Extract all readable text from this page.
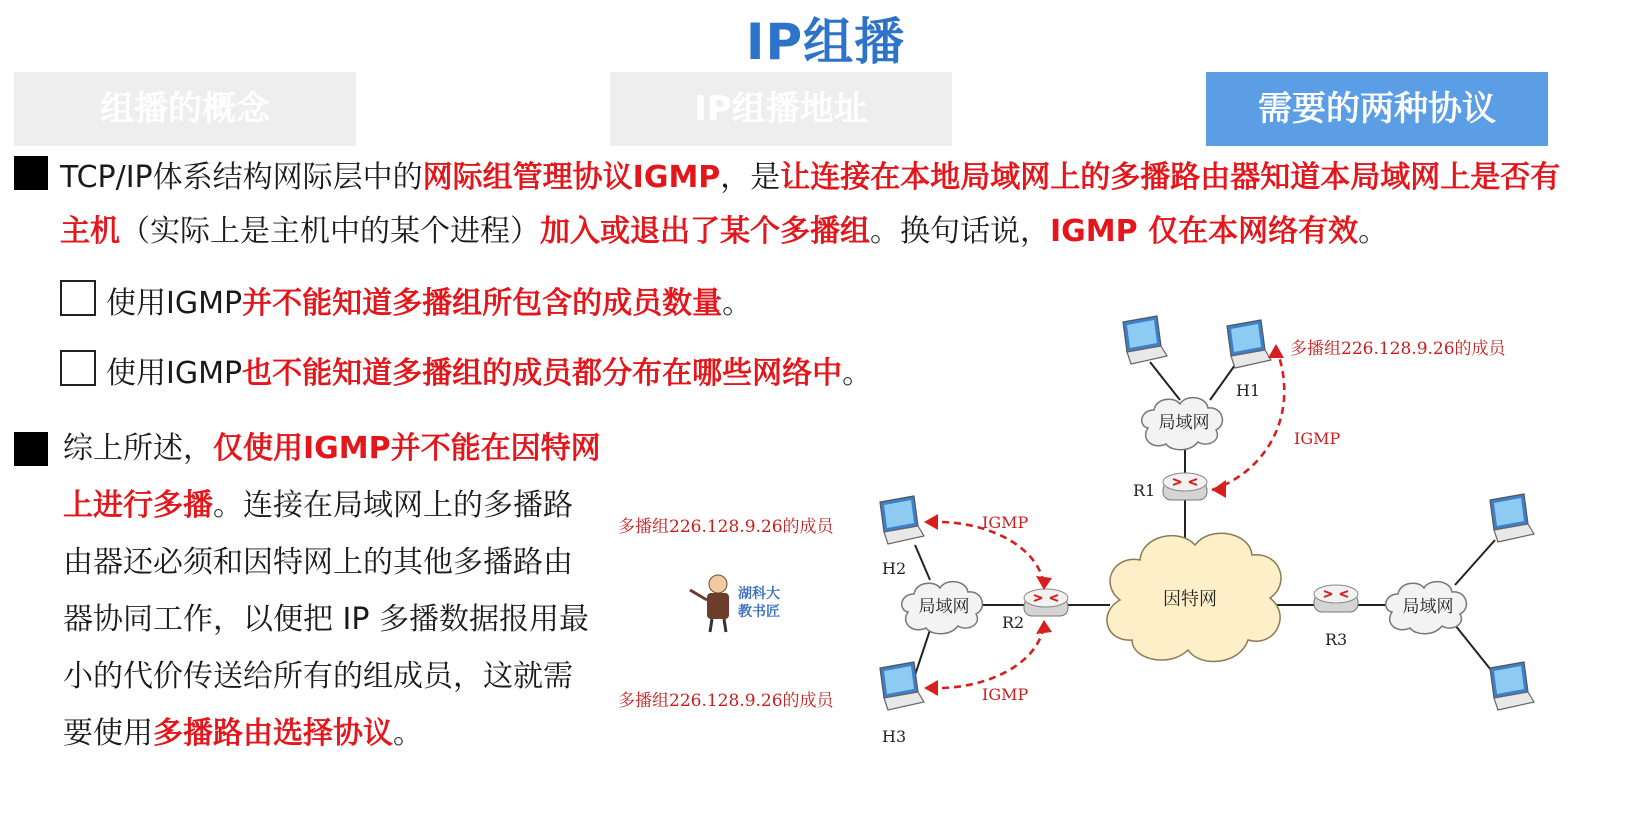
IP组播
组播的概念	IP组播地址	需要的两种协议
TCP/IP体系结构网际层中的网际组管理协议IGMP，是让连接在本地局域网上的多播路由器知道本局域网上是否有
主机（实际上是主机中的某个进程）加入或退出了某个多播组。换句话说，IGMP 仅在本网络有效。
使用IGMP并不能知道多播组所包含的成员数量。
使用IGMP也不能知道多播组的成员都分布在哪些网络中。
综上所述，仅使用IGMP并不能在因特网
上进行多播。连接在局域网上的多播路
由器还必须和因特网上的其他多播路由
器协同工作，以便把 IP 多播数据报用最
小的代价传送给所有的组成员，这就需
要使用多播路由选择协议。
因特网
局域网
局域网	局域网
R1
R2
R3
H1
H2
H3
IGMP
IGMP
IGMP
多播组226.128.9.26的成员
多播组226.128.9.26的成员
多播组226.128.9.26的成员
湖科大
教书匠
